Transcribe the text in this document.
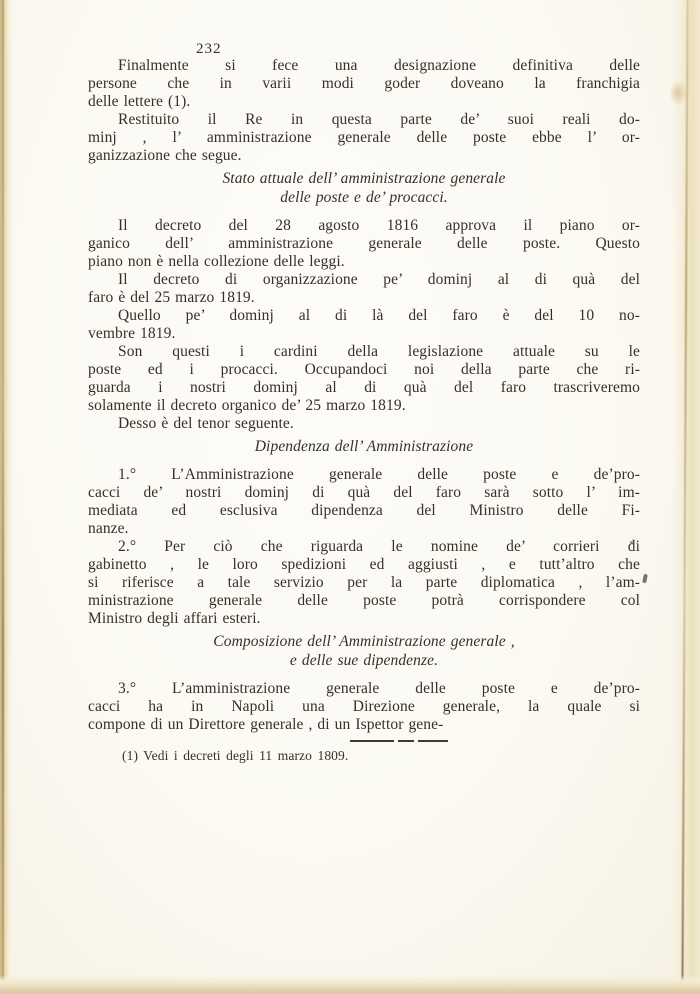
232
Finalmente si fece una designazione definitiva delle
persone che in varii modi goder doveano la franchigia
delle lettere (1).
Restituito il Re in questa parte de’ suoi reali do-
minj , l’ amministrazione generale delle poste ebbe l’ or-
ganizzazione che segue.
Stato attuale dell’ amministrazione generale
delle poste e de’ procacci.
Il decreto del 28 agosto 1816 approva il piano or-
ganico dell’ amministrazione generale delle poste. Questo
piano non è nella collezione delle leggi.
Il decreto di organizzazione pe’ dominj al di quà del
faro è del 25 marzo 1819.
Quello pe’ dominj al di là del faro è del 10 no-
vembre 1819.
Son questi i cardini della legislazione attuale su le
poste ed i procacci. Occupandoci noi della parte che ri-
guarda i nostri dominj al di quà del faro trascriveremo
solamente il decreto organico de’ 25 marzo 1819.
Desso è del tenor seguente.
Dipendenza dell’ Amministrazione
1.° L’Amministrazione generale delle poste e de’pro-
cacci de’ nostri dominj di quà del faro sarà sotto l’ im-
mediata ed esclusiva dipendenza del Ministro delle Fi-
nanze.
2.° Per ciò che riguarda le nomine de’ corrieri di
gabinetto , le loro spedizioni ed aggiusti , e tutt’altro che
si riferisce a tale servizio per la parte diplomatica , l’am-
ministrazione generale delle poste potrà corrispondere col
Ministro degli affari esteri.
Composizione dell’ Amministrazione generale ,
e delle sue dipendenze.
3.° L’amministrazione generale delle poste e de’pro-
cacci ha in Napoli una Direzione generale, la quale si
compone di un Direttore generale , di un Ispettor gene-
(1) Vedi i decreti degli 11 marzo 1809.
